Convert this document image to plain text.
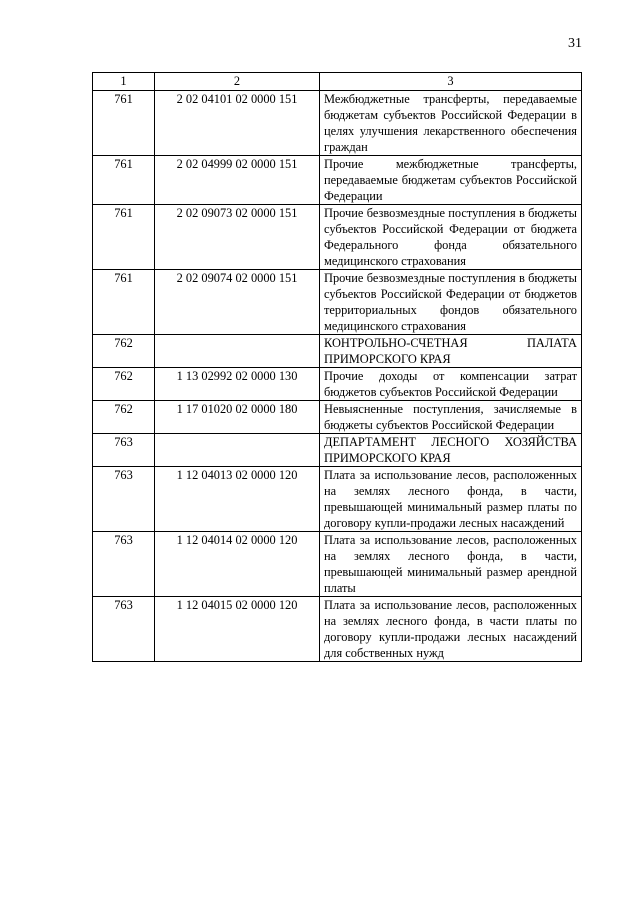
31
1	2	3
761	2 02 04101 02 0000 151	Межбюджетные трансферты, передаваемые бюджетам субъектов Российской Федерации в целях улучшения лекарственного обеспечения граждан
761	2 02 04999 02 0000 151	Прочие межбюджетные трансферты, передаваемые бюджетам субъектов Российской Федерации
761	2 02 09073 02 0000 151	Прочие безвозмездные поступления в бюджеты субъектов Российской Федерации от бюджета Федерального фонда обязательного медицинского страхования
761	2 02 09074 02 0000 151	Прочие безвозмездные поступления в бюджеты субъектов Российской Федерации от бюджетов территориальных фондов обязательного медицинского страхования
762		КОНТРОЛЬНО-СЧЕТНАЯ ПАЛАТА ПРИМОРСКОГО КРАЯ
762	1 13 02992 02 0000 130	Прочие доходы от компенсации затрат бюджетов субъектов Российской Федерации
762	1 17 01020 02 0000 180	Невыясненные поступления, зачисляемые в бюджеты субъектов Российской Федерации
763		ДЕПАРТАМЕНТ ЛЕСНОГО ХОЗЯЙСТВА ПРИМОРСКОГО КРАЯ
763	1 12 04013 02 0000 120	Плата за использование лесов, расположенных на землях лесного фонда, в части, превышающей минимальный размер платы по договору купли-продажи лесных насаждений
763	1 12 04014 02 0000 120	Плата за использование лесов, расположенных на землях лесного фонда, в части, превышающей минимальный размер арендной платы
763	1 12 04015 02 0000 120	Плата за использование лесов, расположенных на землях лесного фонда, в части платы по договору купли-продажи лесных насаждений для собственных нужд
